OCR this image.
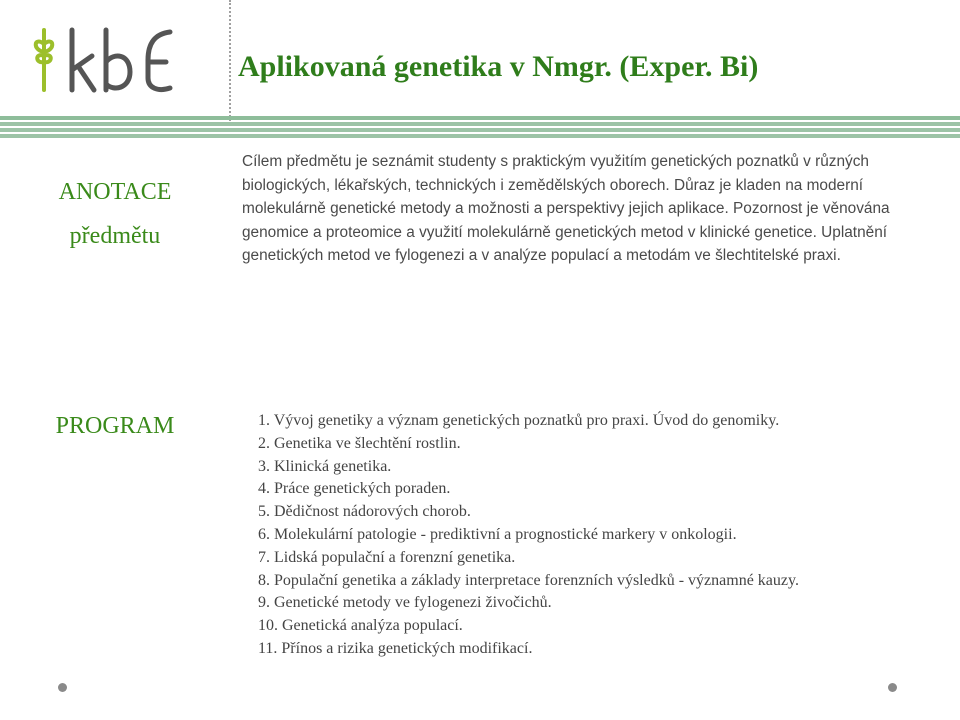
Aplikovaná genetika v Nmgr. (Exper. Bi)

ANOTACE
předmětu

Cílem předmětu je seznámit studenty s praktickým využitím genetických poznatků v různých biologických, lékařských, technických i zemědělských oborech. Důraz je kladen na moderní molekulárně genetické metody a možnosti a perspektivy jejich aplikace. Pozornost je věnována genomice a proteomice a využití molekulárně genetických metod v klinické genetice. Uplatnění genetických metod ve fylogenezi a v analýze populací a metodám ve šlechtitelské praxi.

PROGRAM	1. Vývoj genetiky a význam genetických poznatků pro praxi. Úvod do genomiky.
2. Genetika ve šlechtění rostlin.
3. Klinická genetika.
4. Práce genetických poraden.
5. Dědičnost nádorových chorob.
6. Molekulární patologie - prediktivní a prognostické markery v onkologii.
7. Lidská populační a forenzní genetika.
8. Populační genetika a základy interpretace forenzních výsledků - významné kauzy.
9. Genetické metody ve fylogenezi živočichů.
10. Genetická analýza populací.
11. Přínos a rizika genetických modifikací.
